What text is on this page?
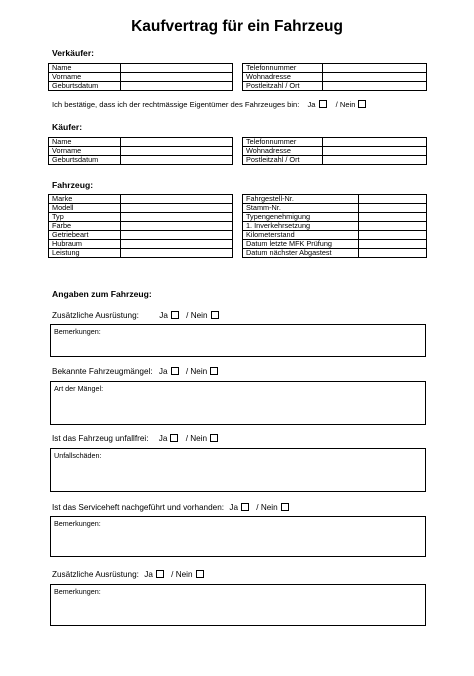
Kaufvertrag für ein Fahrzeug
Verkäufer:
Name	
Vorname	
Geburtsdatum	
Telefonnummer	
Wohnadresse	
Postleitzahl / Ort	
Ich bestätige, dass ich der rechtmässige Eigentümer des Fahrzeuges bin: Ja	/ Nein
Käufer:
Name	
Vorname	
Geburtsdatum	
Telefonnummer	
Wohnadresse	
Postleitzahl / Ort	
Fahrzeug:
Marke	
Modell	
Typ	
Farbe	
Getriebeart	
Hubraum	
Leistung	
Fahrgestell-Nr.	
Stamm-Nr.	
Typengenehmigung	
1. Inverkehrsetzung	
Kilometerstand	
Datum letzte MFK Prüfung	
Datum nächster Abgastest	
Angaben zum Fahrzeug:
Zusätzliche Ausrüstung: Ja / Nein
Bemerkungen:
Bekannte Fahrzeugmängel: Ja / Nein
Art der Mängel:
Ist das Fahrzeug unfallfrei: Ja / Nein
Unfallschäden:
Ist das Serviceheft nachgeführt und vorhanden: Ja / Nein
Bemerkungen:
Zusätzliche Ausrüstung: Ja / Nein
Bemerkungen:
